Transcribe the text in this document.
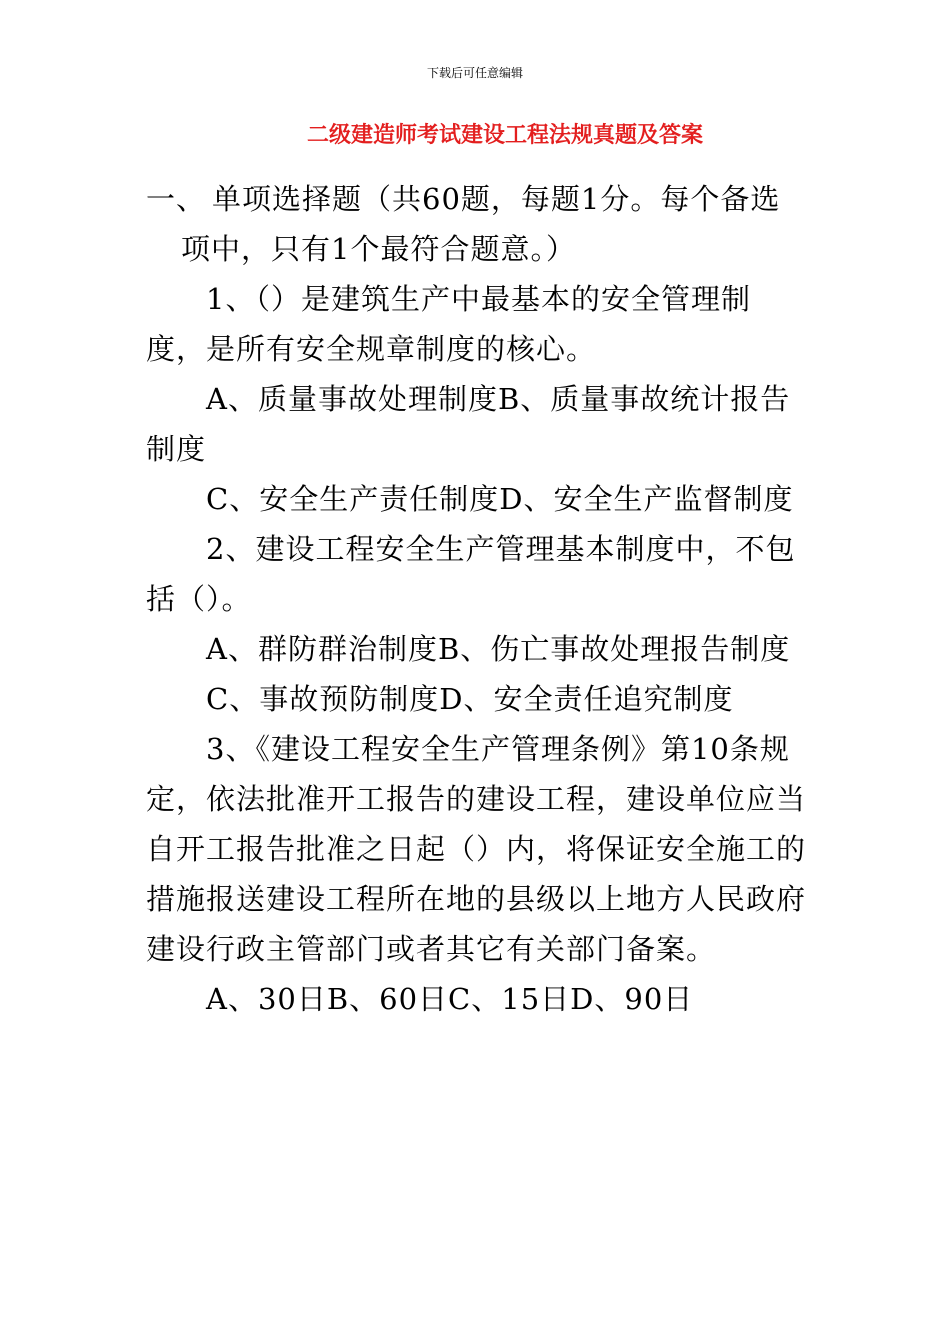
下载后可任意编辑
二级建造师考试建设工程法规真题及答案

一、 单项选择题（共60题，每题1分。每个备选项中，只有1个最符合题意。）

1、（）是建筑生产中最基本的安全管理制度，是所有安全规章制度的核心。

A、质量事故处理制度B、质量事故统计报告制度

C、安全生产责任制度D、安全生产监督制度

2、建设工程安全生产管理基本制度中，不包括（）。

A、群防群治制度B、伤亡事故处理报告制度

C、事故预防制度D、安全责任追究制度

3、《建设工程安全生产管理条例》第10条规定，依法批准开工报告的建设工程，建设单位应当自开工报告批准之日起（）内，将保证安全施工的措施报送建设工程所在地的县级以上地方人民政府建设行政主管部门或者其它有关部门备案。

A、30日B、60日C、15日D、90日
